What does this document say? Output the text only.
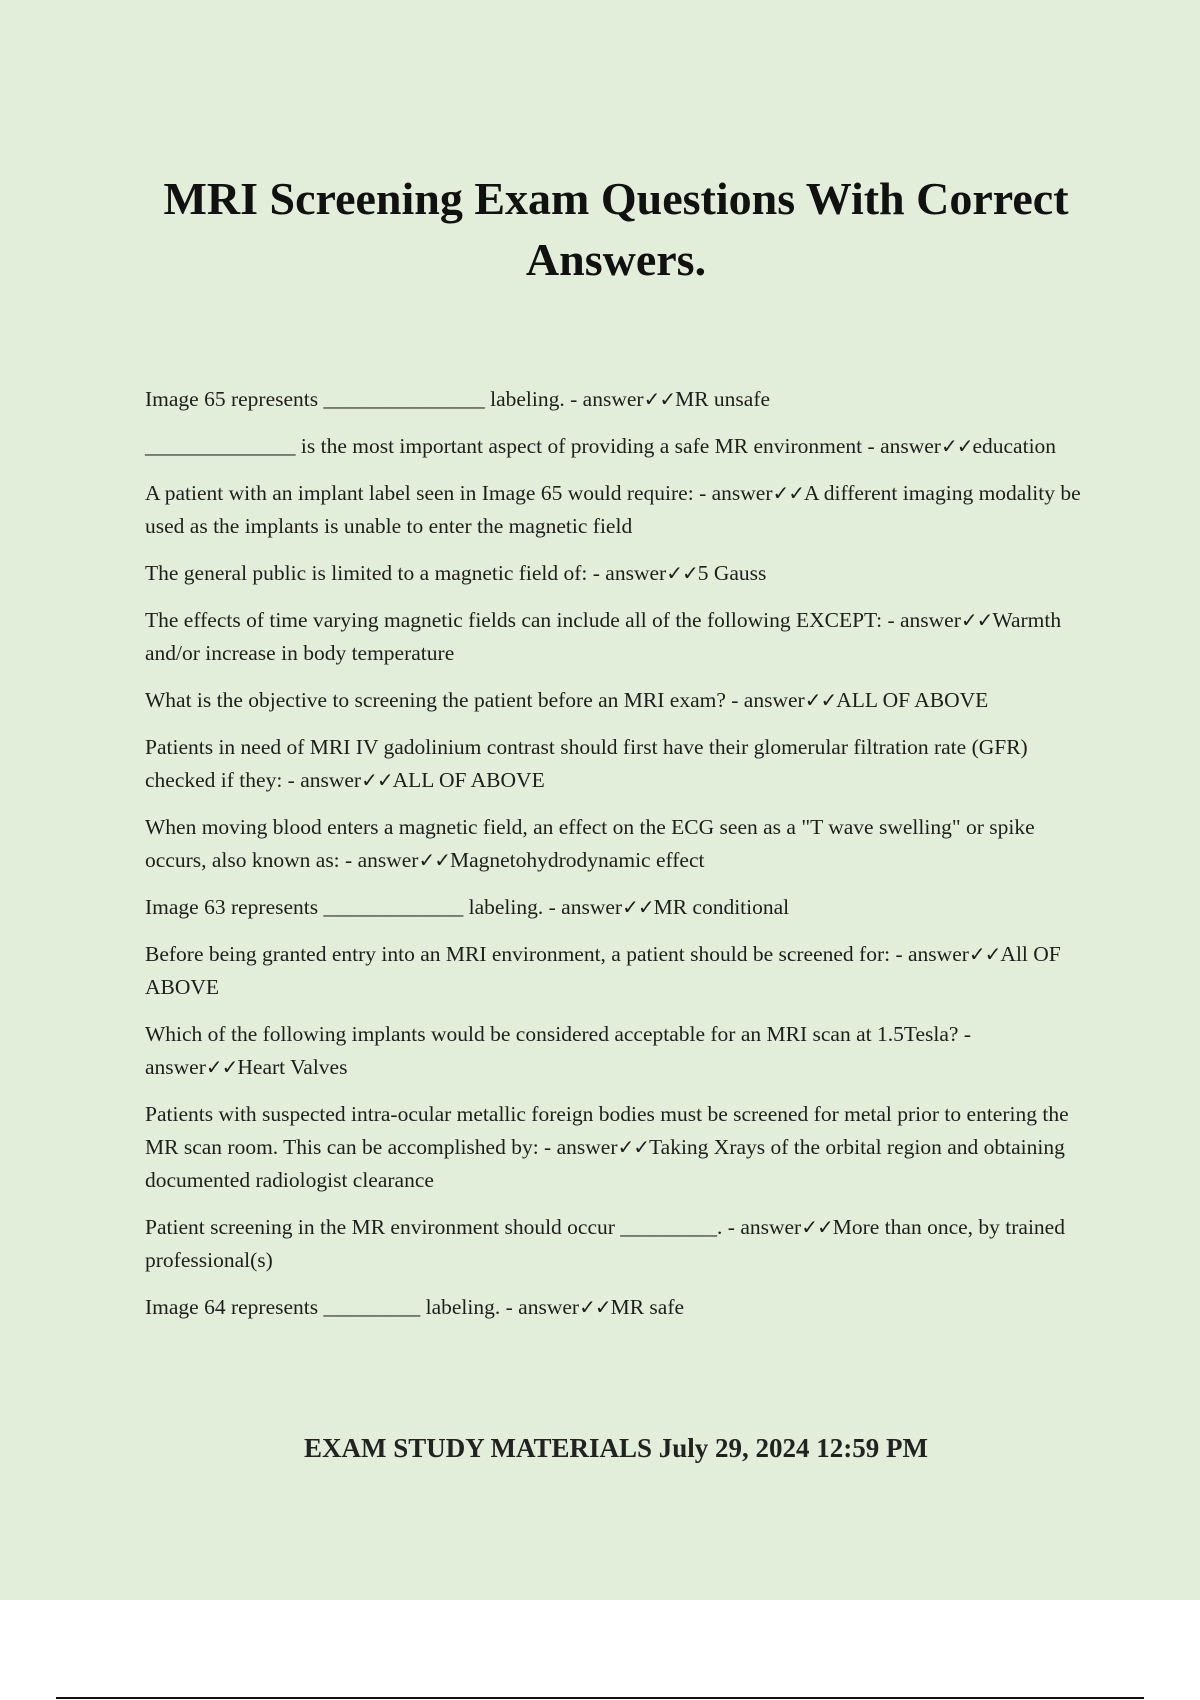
MRI Screening Exam Questions With Correct Answers.

Image 65 represents _______________ labeling. - answer✓✓MR unsafe

______________ is the most important aspect of providing a safe MR environment - answer✓✓education

A patient with an implant label seen in Image 65 would require: - answer✓✓A different imaging modality be used as the implants is unable to enter the magnetic field

The general public is limited to a magnetic field of: - answer✓✓5 Gauss

The effects of time varying magnetic fields can include all of the following EXCEPT: - answer✓✓Warmth and/or increase in body temperature

What is the objective to screening the patient before an MRI exam? - answer✓✓ALL OF ABOVE

Patients in need of MRI IV gadolinium contrast should first have their glomerular filtration rate (GFR) checked if they: - answer✓✓ALL OF ABOVE

When moving blood enters a magnetic field, an effect on the ECG seen as a "T wave swelling" or spike occurs, also known as: - answer✓✓Magnetohydrodynamic effect

Image 63 represents _____________ labeling. - answer✓✓MR conditional

Before being granted entry into an MRI environment, a patient should be screened for: - answer✓✓All OF ABOVE

Which of the following implants would be considered acceptable for an MRI scan at 1.5Tesla? - answer✓✓Heart Valves

Patients with suspected intra-ocular metallic foreign bodies must be screened for metal prior to entering the MR scan room. This can be accomplished by: - answer✓✓Taking Xrays of the orbital region and obtaining documented radiologist clearance

Patient screening in the MR environment should occur _________. - answer✓✓More than once, by trained professional(s)

Image 64 represents _________ labeling. - answer✓✓MR safe

EXAM STUDY MATERIALS July 29, 2024 12:59 PM
